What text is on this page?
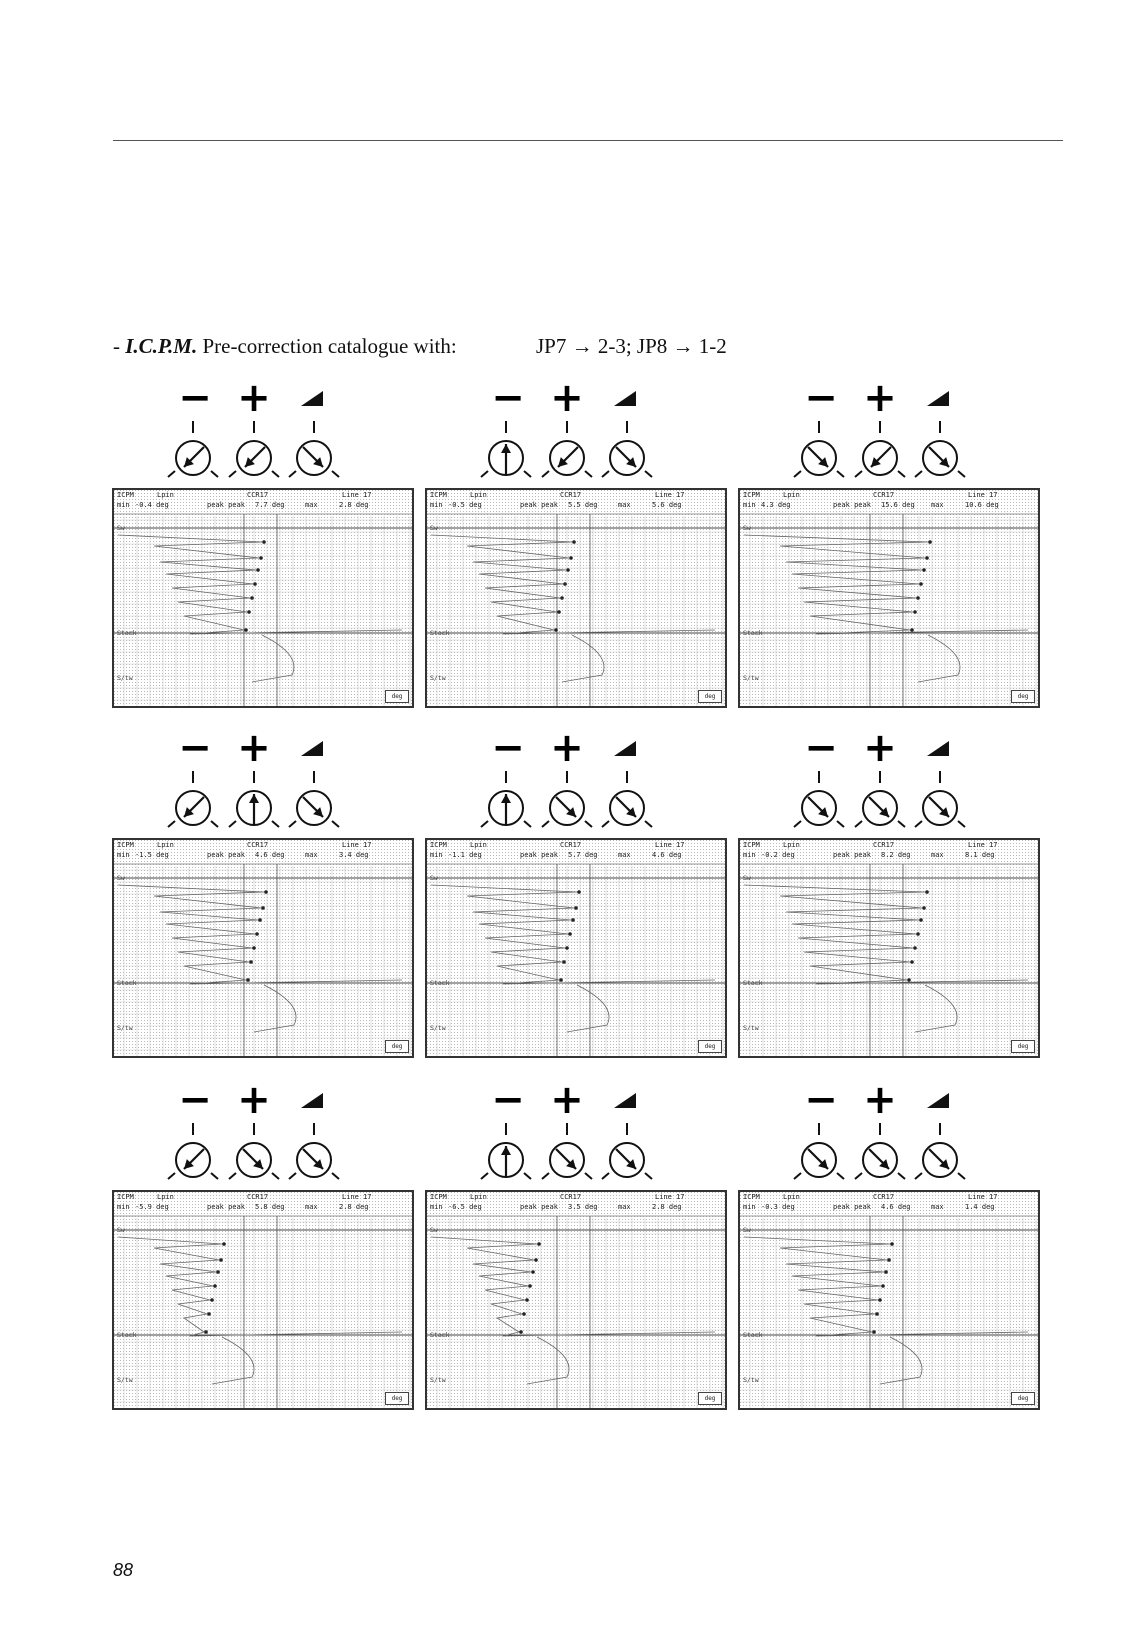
- I.C.P.M. Pre-correction catalogue with:	JP7 → 2-3; JP8 → 1-2
− +
ICPM	Lpin	CCR17	Line 17
min -0.4 deg	peak peak 7.7 deg	max	2.8 deg
Sw
Stack
S/tw
deg
− +
ICPM	Lpin	CCR17	Line 17
min -0.5 deg	peak peak 5.5 deg	max	5.6 deg
Sw
Stack
S/tw
deg
− +
ICPM	Lpin	CCR17	Line 17
min 4.3 deg	peak peak 15.6 deg max	10.6 deg
Sw
Stack
S/tw
deg
− +
ICPM	Lpin	CCR17	Line 17
min -1.5 deg	peak peak 4.6 deg	max	3.4 deg
Sw
Stack
S/tw
deg
− +
ICPM	Lpin	CCR17	Line 17
min -1.1 deg	peak peak 5.7 deg	max	4.6 deg
Sw
Stack
S/tw
deg
− +
ICPM	Lpin	CCR17	Line 17
min -0.2 deg	peak peak 8.2 deg	max	8.1 deg
Sw
Stack
S/tw
deg
− +
ICPM	Lpin	CCR17	Line 17
min -5.9 deg	peak peak 5.8 deg	max	2.8 deg
Sw
Stack
S/tw
deg
− +
ICPM	Lpin	CCR17	Line 17
min -6.5 deg	peak peak 3.5 deg	max	2.8 deg
Sw
Stack
S/tw
deg
− +
ICPM	Lpin	CCR17	Line 17
min -0.3 deg	peak peak 4.6 deg	max	1.4 deg
Sw
Stack
S/tw
deg
88
